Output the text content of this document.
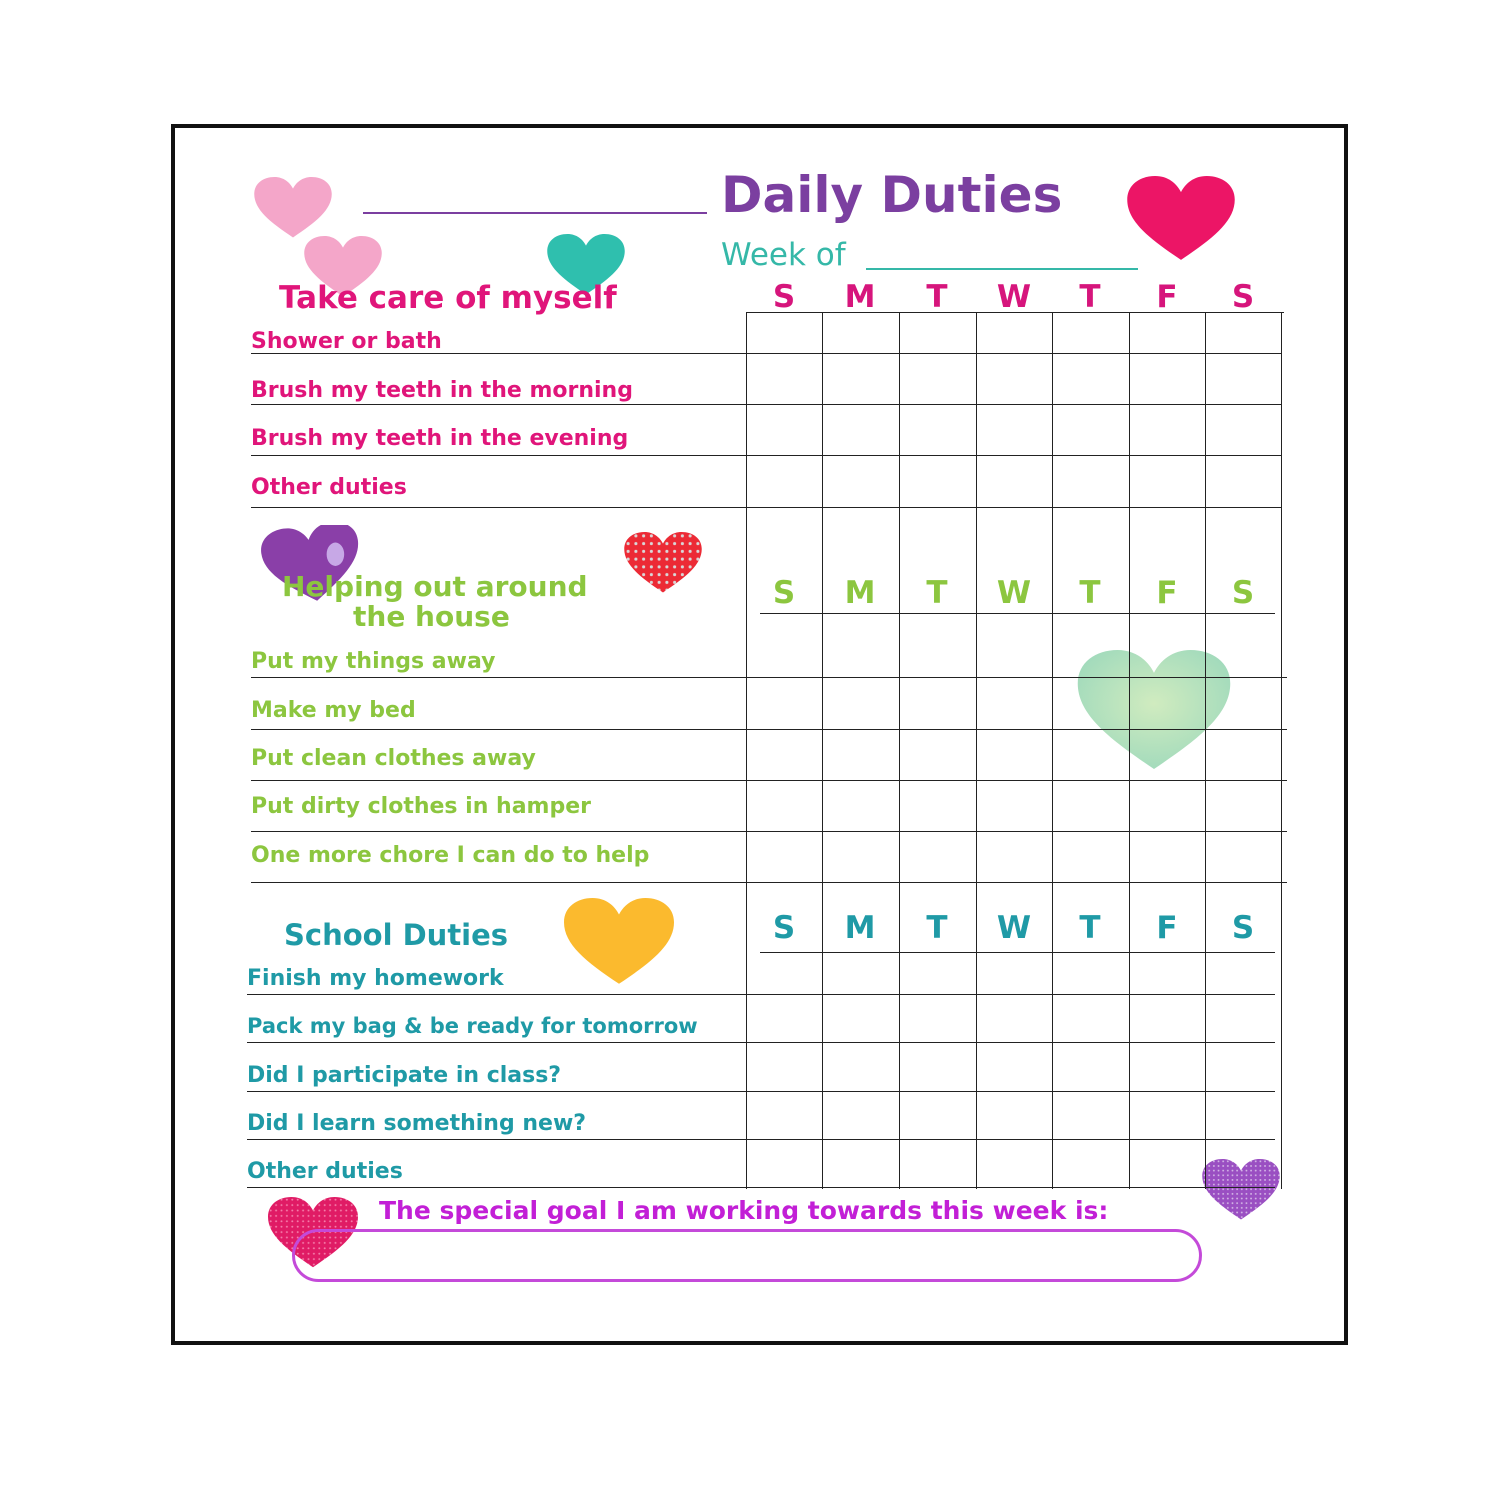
Daily Duties
Week of
Take care of myself	S	M	T	W	T	F	S
Shower or bath
Brush my teeth in the morning
Brush my teeth in the evening
Other duties
Helping out around
the house
S	M	T	W	T	F	S
Put my things away
Make my bed
Put clean clothes away
Put dirty clothes in hamper
One more chore I can do to help
School Duties	S	M	T	W	T	F	S
Finish my homework
Pack my bag & be ready for tomorrow
Did I participate in class?
Did I learn something new?
Other duties
The special goal I am working towards this week is:
